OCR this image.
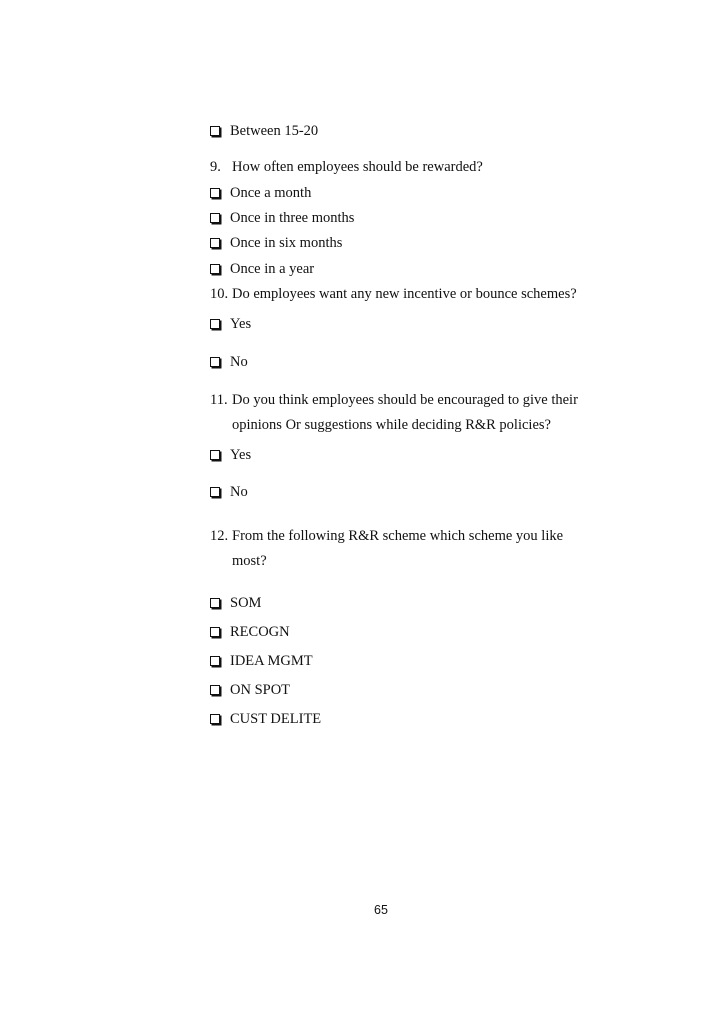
Between 15-20
9. How often employees should be rewarded?
Once a month
Once in three months
Once in six months
Once in a year
10. Do employees want any new incentive or bounce schemes?
Yes
No
11. Do you think employees should be encouraged to give their
opinions Or suggestions while deciding R&R policies?
Yes
No
12. From the following R&R scheme which scheme you like
most?
SOM
RECOGN
IDEA MGMT
ON SPOT
CUST DELITE
65
